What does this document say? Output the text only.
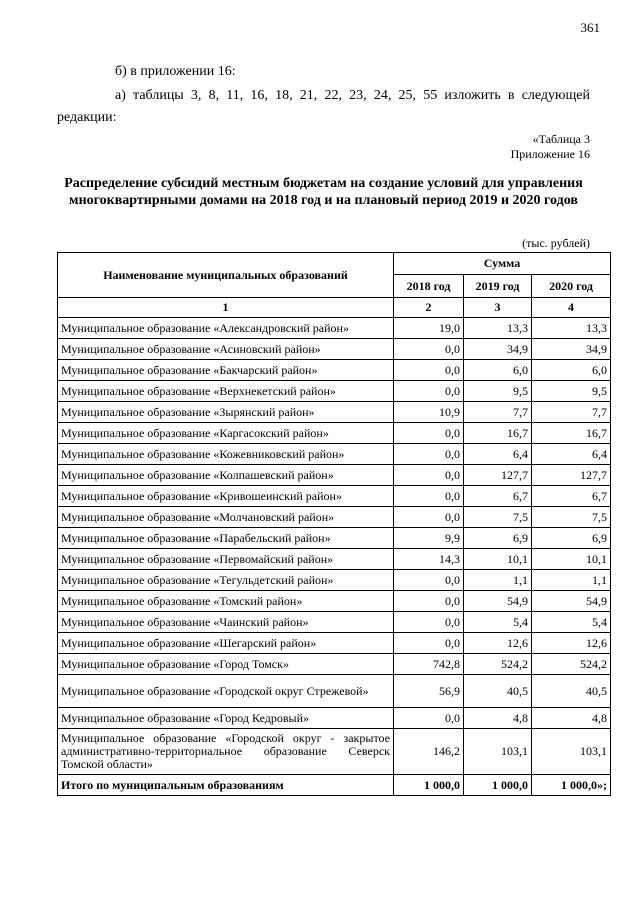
361
б) в приложении 16:
а) таблицы 3, 8, 11, 16, 18, 21, 22, 23, 24, 25, 55 изложить в следующей
редакции:
«Таблица 3
Приложение 16
Распределение субсидий местным бюджетам на создание условий для управления многоквартирными домами на 2018 год и на плановый период 2019 и 2020 годов
(тыс. рублей)
Наименование муниципальных образований	Сумма		
	2018 год	2019 год	2020 год
1	2	3	4
Муниципальное образование «Александровский район»	19,0	13,3	13,3
Муниципальное образование «Асиновский район»	0,0	34,9	34,9
Муниципальное образование «Бакчарский район»	0,0	6,0	6,0
Муниципальное образование «Верхнекетский район»	0,0	9,5	9,5
Муниципальное образование «Зырянский район»	10,9	7,7	7,7
Муниципальное образование «Каргасокский район»	0,0	16,7	16,7
Муниципальное образование «Кожевниковский район»	0,0	6,4	6,4
Муниципальное образование «Колпашевский район»	0,0	127,7	127,7
Муниципальное образование «Кривошеинский район»	0,0	6,7	6,7
Муниципальное образование «Молчановский район»	0,0	7,5	7,5
Муниципальное образование «Парабельский район»	9,9	6,9	6,9
Муниципальное образование «Первомайский район»	14,3	10,1	10,1
Муниципальное образование «Тегульдетский район»	0,0	1,1	1,1
Муниципальное образование «Томский район»	0,0	54,9	54,9
Муниципальное образование «Чаинский район»	0,0	5,4	5,4
Муниципальное образование «Шегарский район»	0,0	12,6	12,6
Муниципальное образование «Город Томск»	742,8	524,2	524,2
Муниципальное образование «Городской округ Стрежевой»	56,9	40,5	40,5
Муниципальное образование «Город Кедровый»	0,0	4,8	4,8
Муниципальное образование «Городской округ - закрытое административно-территориальное образование Северск Томской области»	146,2	103,1	103,1
Итого по муниципальным образованиям	1 000,0	1 000,0	1 000,0»;
